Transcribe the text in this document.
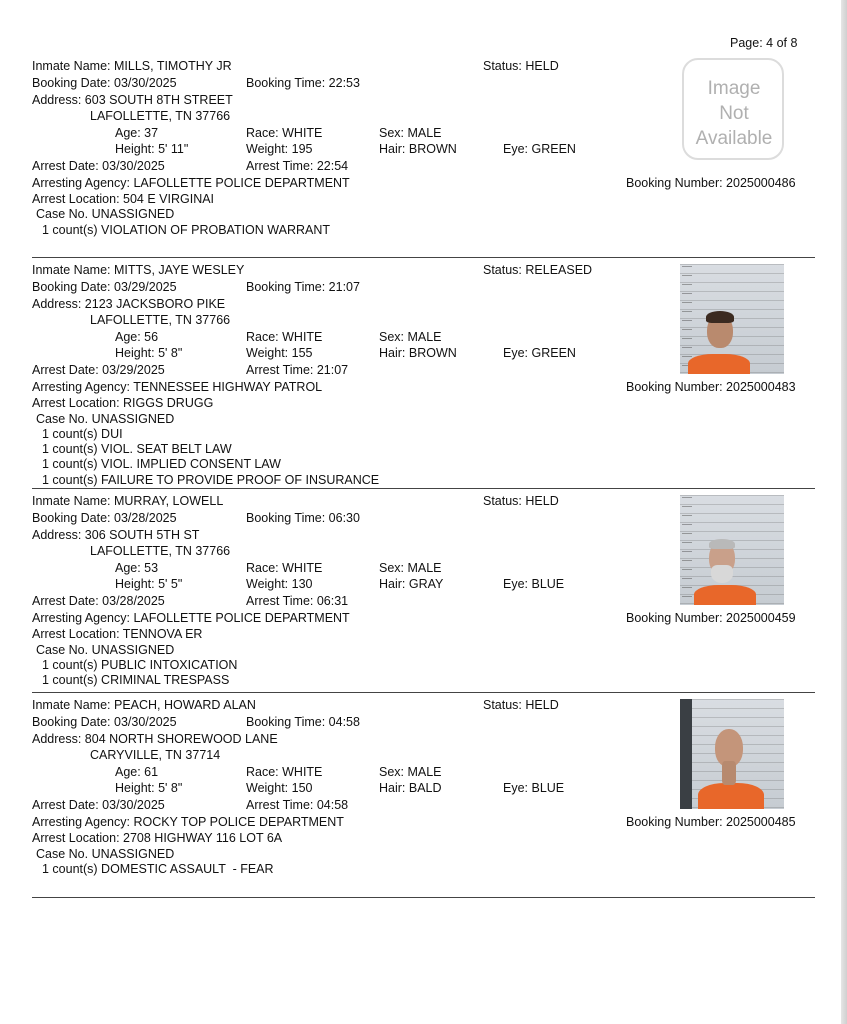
Page: 4 of 8
Inmate Name: MILLS, TIMOTHY JR	Status: HELD
Booking Date: 03/30/2025	Booking Time: 22:53
Address: 603 SOUTH 8TH STREET
LAFOLLETTE, TN 37766
Age: 37	Race: WHITE	Sex: MALE
Height: 5' 11"	Weight: 195	Hair: BROWN	Eye: GREEN
Arrest Date: 03/30/2025	Arrest Time: 22:54
Arresting Agency: LAFOLLETTE POLICE DEPARTMENT	Booking Number: 2025000486
Arrest Location: 504 E VIRGINAI
Case No. UNASSIGNED
1 count(s) VIOLATION OF PROBATION WARRANT
Image
Not
Available
Inmate Name: MITTS, JAYE WESLEY	Status: RELEASED
Booking Date: 03/29/2025	Booking Time: 21:07
Address: 2123 JACKSBORO PIKE
LAFOLLETTE, TN 37766
Age: 56	Race: WHITE	Sex: MALE
Height: 5' 8"	Weight: 155	Hair: BROWN	Eye: GREEN
Arrest Date: 03/29/2025	Arrest Time: 21:07
Arresting Agency: TENNESSEE HIGHWAY PATROL	Booking Number: 2025000483
Arrest Location: RIGGS DRUGG
Case No. UNASSIGNED
1 count(s) DUI
1 count(s) VIOL. SEAT BELT LAW
1 count(s) VIOL. IMPLIED CONSENT LAW
1 count(s) FAILURE TO PROVIDE PROOF OF INSURANCE
Inmate Name: MURRAY, LOWELL	Status: HELD
Booking Date: 03/28/2025	Booking Time: 06:30
Address: 306 SOUTH 5TH ST
LAFOLLETTE, TN 37766
Age: 53	Race: WHITE	Sex: MALE
Height: 5' 5"	Weight: 130	Hair: GRAY	Eye: BLUE
Arrest Date: 03/28/2025	Arrest Time: 06:31
Arresting Agency: LAFOLLETTE POLICE DEPARTMENT	Booking Number: 2025000459
Arrest Location: TENNOVA ER
Case No. UNASSIGNED
1 count(s) PUBLIC INTOXICATION
1 count(s) CRIMINAL TRESPASS
Inmate Name: PEACH, HOWARD ALAN	Status: HELD
Booking Date: 03/30/2025	Booking Time: 04:58
Address: 804 NORTH SHOREWOOD LANE
CARYVILLE, TN 37714
Age: 61	Race: WHITE	Sex: MALE
Height: 5' 8"	Weight: 150	Hair: BALD	Eye: BLUE
Arrest Date: 03/30/2025	Arrest Time: 04:58
Arresting Agency: ROCKY TOP POLICE DEPARTMENT	Booking Number: 2025000485
Arrest Location: 2708 HIGHWAY 116 LOT 6A
Case No. UNASSIGNED
1 count(s) DOMESTIC ASSAULT  - FEAR
